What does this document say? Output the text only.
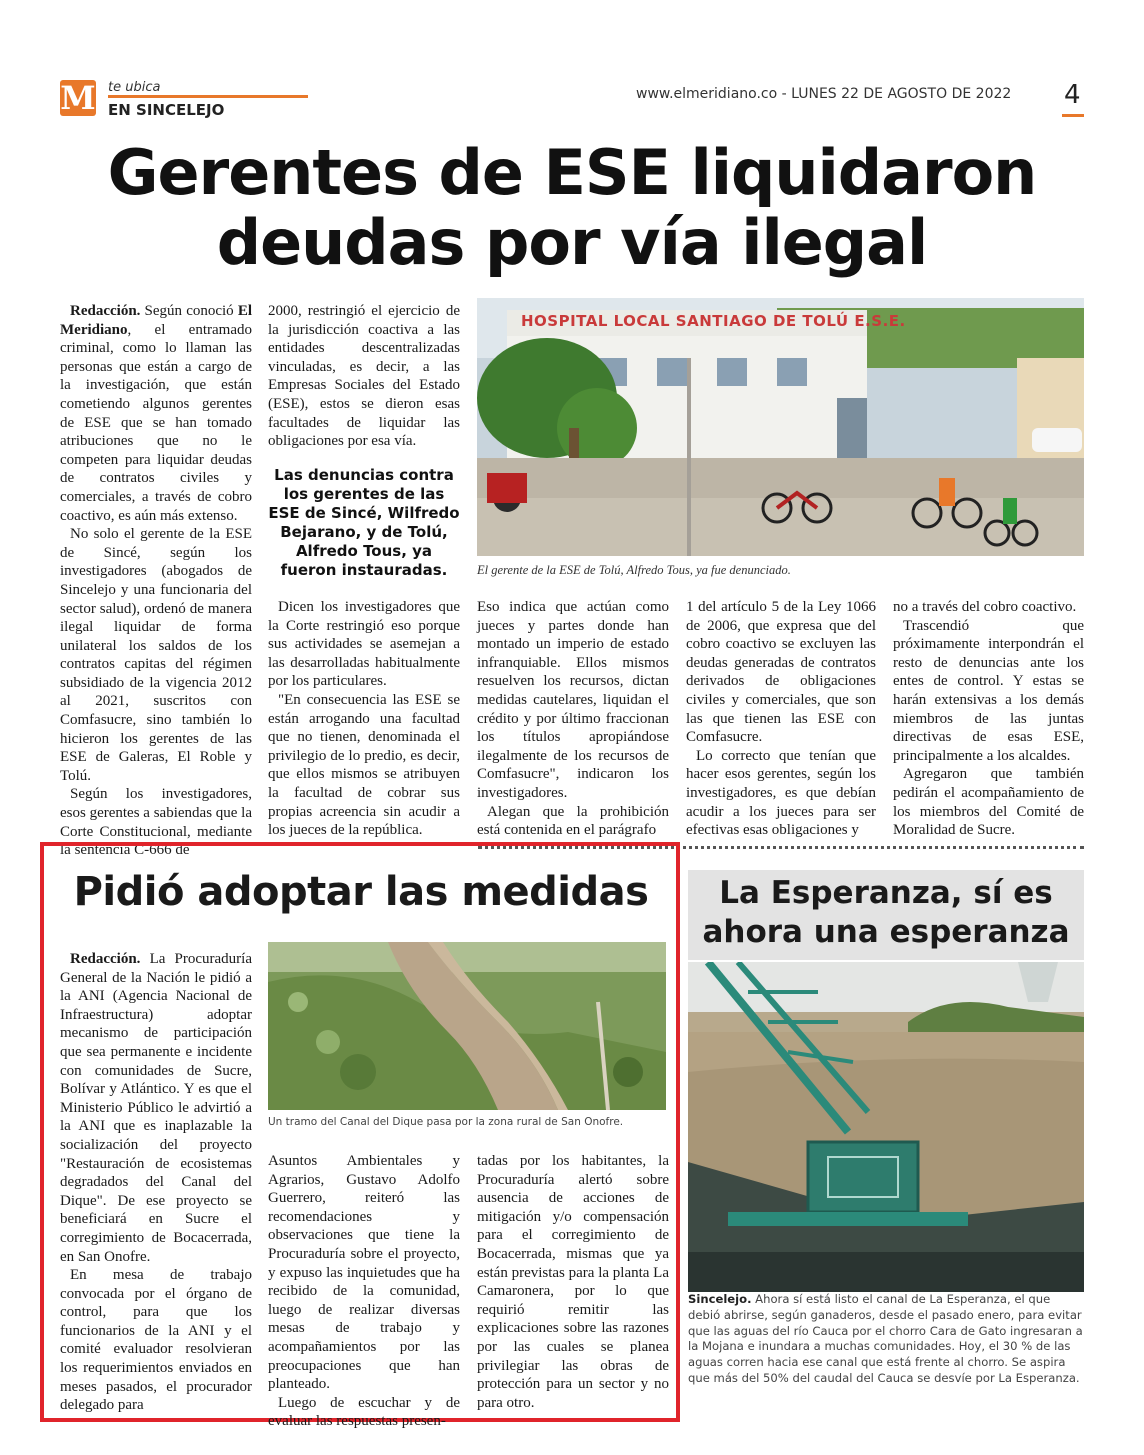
M te ubica
EN SINCELEJO
www.elmeridiano.co - LUNES 22 DE AGOSTO DE 2022 4
Gerentes de ESE liquidaron
deudas por vía ilegal

Redacción. Según conoció El Meridiano, el entramado criminal, como lo llaman las personas que están a cargo de la investigación, que están cometiendo algunos gerentes de ESE que se han tomado atribuciones que no le competen para liquidar deudas de contratos civiles y comerciales, a través de cobro coactivo, es aún más extenso.

No solo el gerente de la ESE de Sincé, según los investigadores (abogados de Sincelejo y una funcionaria del sector salud), ordenó de manera ilegal liquidar de forma unilateral los saldos de los contratos capitas del régimen subsidiado de la vigencia 2012 al 2021, suscritos con Comfasucre, sino también lo hicieron los gerentes de las ESE de Galeras, El Roble y Tolú.

Según los investigadores, esos gerentes a sabiendas que la Corte Constitucional, mediante la sentencia C-666 de

2000, restringió el ejercicio de la jurisdicción coactiva a las entidades descentralizadas vinculadas, es decir, a las Empresas Sociales del Estado (ESE), estos se dieron esas facultades de liquidar las obligaciones por esa vía.

Las denuncias contra los gerentes de las ESE de Sincé, Wilfredo Bejarano, y de Tolú, Alfredo Tous, ya fueron instauradas.

Dicen los investigadores que la Corte restringió eso porque sus actividades se asemejan a las desarrolladas habitualmente por los particulares.

"En consecuencia las ESE se están arrogando una facultad que no tienen, denominada el privilegio de lo predio, es decir, que ellos mismos se atribuyen la facultad de cobrar sus propias acreencia sin acudir a los jueces de la república.

HOSPITAL LOCAL SANTIAGO DE TOLÚ E.S.E.
El gerente de la ESE de Tolú, Alfredo Tous, ya fue denunciado.

Eso indica que actúan como jueces y partes donde han montado un imperio de estado infranquiable. Ellos mismos resuelven los recursos, dictan medidas cautelares, liquidan el crédito y por último fraccionan los títulos apropiándose ilegalmente de los recursos de Comfasucre", indicaron los investigadores.

Alegan que la prohibición está contenida en el parágrafo

1 del artículo 5 de la Ley 1066 de 2006, que expresa que del cobro coactivo se excluyen las deudas generadas de contratos derivados de obligaciones civiles y comerciales, que son las que tienen las ESE con Comfasucre.

Lo correcto que tenían que hacer esos gerentes, según los investigadores, es que debían acudir a los jueces para ser efectivas esas obligaciones y

no a través del cobro coactivo.

Trascendió que próximamente interpondrán el resto de denuncias ante los entes de control. Y estas se harán extensivas a los demás miembros de las juntas directivas de esas ESE, principalmente a los alcaldes.

Agregaron que también pedirán el acompañamiento de los miembros del Comité de Moralidad de Sucre.

Pidió adoptar las medidas

Redacción. La Procuraduría General de la Nación le pidió a la ANI (Agencia Nacional de Infraestructura) adoptar mecanismo de participación que sea permanente e incidente con comunidades de Sucre, Bolívar y Atlántico. Y es que el Ministerio Público le advirtió a la ANI que es inaplazable la socialización del proyecto "Restauración de ecosistemas degradados del Canal del Dique". De ese proyecto se beneficiará en Sucre el corregimiento de Bocacerrada, en San Onofre.

En mesa de trabajo convocada por el órgano de control, para que los funcionarios de la ANI y el comité evaluador resolvieran los requerimientos enviados en meses pasados, el procurador delegado para

Un tramo del Canal del Dique pasa por la zona rural de San Onofre.

Asuntos Ambientales y Agrarios, Gustavo Adolfo Guerrero, reiteró las recomendaciones y observaciones que tiene la Procuraduría sobre el proyecto, y expuso las inquietudes que ha recibido de la comunidad, luego de realizar diversas mesas de trabajo y acompañamientos por las preocupaciones que han planteado.

Luego de escuchar y de evaluar las respuestas presen-

tadas por los habitantes, la Procuraduría alertó sobre ausencia de acciones de mitigación y/o compensación para el corregimiento de Bocacerrada, mismas que ya están previstas para la planta La Camaronera, por lo que requirió remitir las explicaciones sobre las razones por las cuales se planea privilegiar las obras de protección para un sector y no para otro.

La Esperanza, sí es
ahora una esperanza
Sincelejo. Ahora sí está listo el canal de La Esperanza, el que debió abrirse, según ganaderos, desde el pasado enero, para evitar que las aguas del río Cauca por el chorro Cara de Gato ingresaran a la Mojana e inundara a muchas comunidades. Hoy, el 30 % de las aguas corren hacia ese canal que está frente al chorro. Se aspira que más del 50% del caudal del Cauca se desvíe por La Esperanza.
